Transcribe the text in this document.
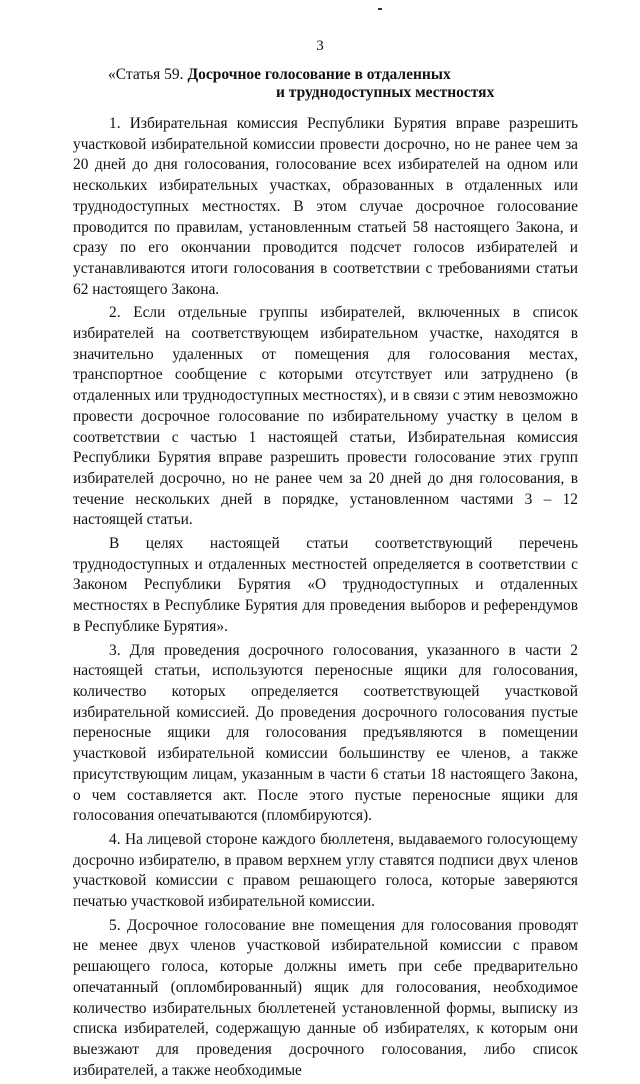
3
«Статья 59. Досрочное голосование в отдаленных
и труднодоступных местностях

1. Избирательная комиссия Республики Бурятия вправе разрешить участковой избирательной комиссии провести досрочно, но не ранее чем за 20 дней до дня голосования, голосование всех избирателей на одном или нескольких избирательных участках, образованных в отдаленных или труднодоступных местностях. В этом случае досрочное голосование проводится по правилам, установленным статьей 58 настоящего Закона, и сразу по его окончании проводится подсчет голосов избирателей и устанавливаются итоги голосования в соответствии с требованиями статьи 62 настоящего Закона.

2. Если отдельные группы избирателей, включенных в список избирателей на соответствующем избирательном участке, находятся в значительно удаленных от помещения для голосования местах, транспортное сообщение с которыми отсутствует или затруднено (в отдаленных или труднодоступных местностях), и в связи с этим невозможно провести досрочное голосование по избирательному участку в целом в соответствии с частью 1 настоящей статьи, Избирательная комиссия Республики Бурятия вправе разрешить провести голосование этих групп избирателей досрочно, но не ранее чем за 20 дней до дня голосования, в течение нескольких дней в порядке, установленном частями 3 – 12 настоящей статьи.

В целях настоящей статьи соответствующий перечень труднодоступных и отдаленных местностей определяется в соответствии с Законом Республики Бурятия «О труднодоступных и отдаленных местностях в Республике Бурятия для проведения выборов и референдумов в Республике Бурятия».

3. Для проведения досрочного голосования, указанного в части 2 настоящей статьи, используются переносные ящики для голосования, количество которых определяется соответствующей участковой избирательной комиссией. До проведения досрочного голосования пустые переносные ящики для голосования предъявляются в помещении участковой избирательной комиссии большинству ее членов, а также присутствующим лицам, указанным в части 6 статьи 18 настоящего Закона, о чем составляется акт. После этого пустые переносные ящики для голосования опечатываются (пломбируются).

4. На лицевой стороне каждого бюллетеня, выдаваемого голосующему досрочно избирателю, в правом верхнем углу ставятся подписи двух членов участковой комиссии с правом решающего голоса, которые заверяются печатью участковой избирательной комиссии.

5. Досрочное голосование вне помещения для голосования проводят не менее двух членов участковой избирательной комиссии с правом решающего голоса, которые должны иметь при себе предварительно опечатанный (опломбированный) ящик для голосования, необходимое количество избирательных бюллетеней установленной формы, выписку из списка избирателей, содержащую данные об избирателях, к которым они выезжают для проведения досрочного голосования, либо список избирателей, а также необходимые
